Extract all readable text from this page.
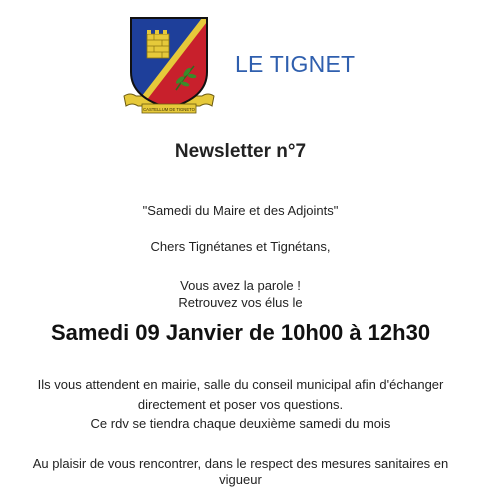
CASTELLUM DE TIGNETO
LE TIGNET
Newsletter n°7
"Samedi du Maire et des Adjoints"
Chers Tignétanes et Tignétans,
Vous avez la parole !
Retrouvez vos élus le
Samedi 09 Janvier de 10h00 à 12h30
Ils vous attendent en mairie, salle du conseil municipal afin d'échanger
directement et poser vos questions.
Ce rdv se tiendra chaque deuxième samedi du mois
Au plaisir de vous rencontrer, dans le respect des mesures sanitaires en
vigueur
